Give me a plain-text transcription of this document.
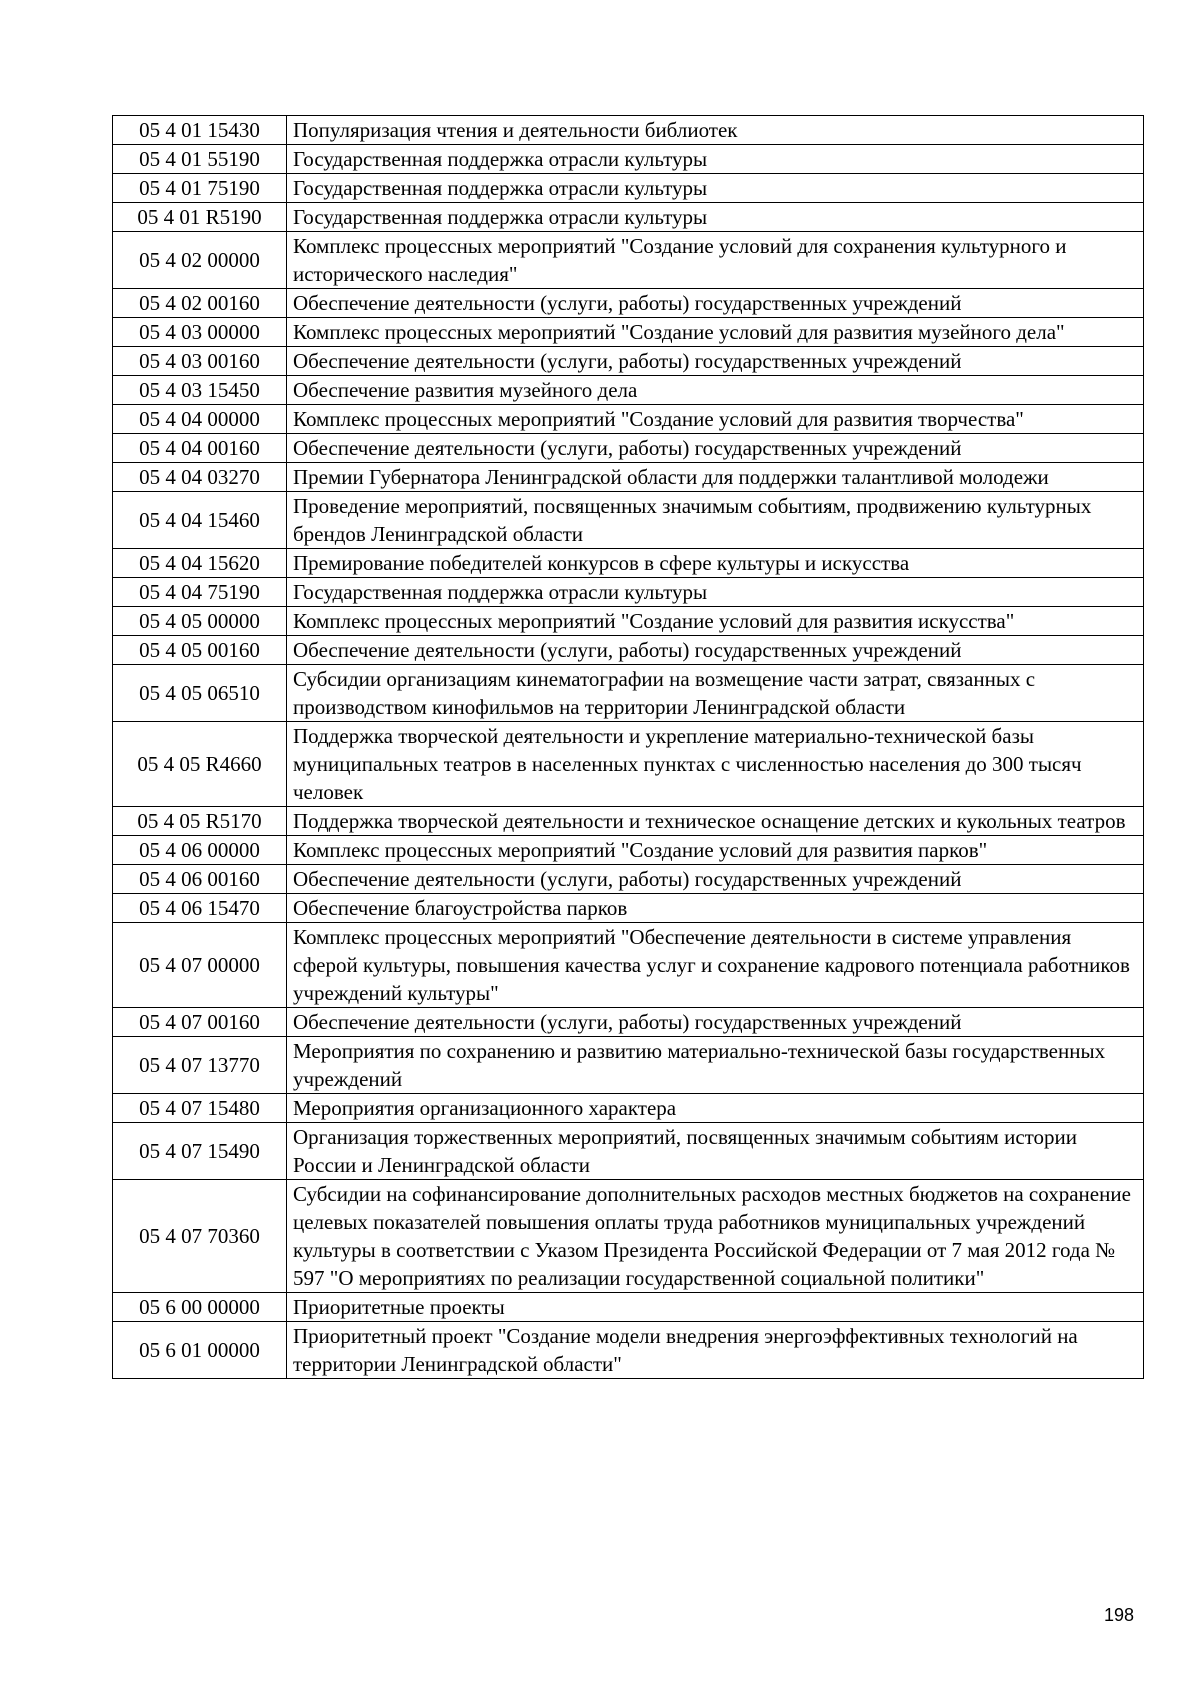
05 4 01 15430	Популяризация чтения и деятельности библиотек
05 4 01 55190	Государственная поддержка отрасли культуры
05 4 01 75190	Государственная поддержка отрасли культуры
05 4 01 R5190	Государственная поддержка отрасли культуры
05 4 02 00000	Комплекс процессных мероприятий "Создание условий для сохранения культурного и исторического наследия"
05 4 02 00160	Обеспечение деятельности (услуги, работы) государственных учреждений
05 4 03 00000	Комплекс процессных мероприятий "Создание условий для развития музейного дела"
05 4 03 00160	Обеспечение деятельности (услуги, работы) государственных учреждений
05 4 03 15450	Обеспечение развития музейного дела
05 4 04 00000	Комплекс процессных мероприятий "Создание условий для развития творчества"
05 4 04 00160	Обеспечение деятельности (услуги, работы) государственных учреждений
05 4 04 03270	Премии Губернатора Ленинградской области для поддержки талантливой молодежи
05 4 04 15460	Проведение мероприятий, посвященных значимым событиям, продвижению культурных брендов Ленинградской области
05 4 04 15620	Премирование победителей конкурсов в сфере культуры и искусства
05 4 04 75190	Государственная поддержка отрасли культуры
05 4 05 00000	Комплекс процессных мероприятий "Создание условий для развития искусства"
05 4 05 00160	Обеспечение деятельности (услуги, работы) государственных учреждений
05 4 05 06510	Субсидии организациям кинематографии на возмещение части затрат, связанных с производством кинофильмов на территории Ленинградской области
05 4 05 R4660	Поддержка творческой деятельности и укрепление материально-технической базы муниципальных театров в населенных пунктах с численностью населения до 300 тысяч человек
05 4 05 R5170	Поддержка творческой деятельности и техническое оснащение детских и кукольных театров
05 4 06 00000	Комплекс процессных мероприятий "Создание условий для развития парков"
05 4 06 00160	Обеспечение деятельности (услуги, работы) государственных учреждений
05 4 06 15470	Обеспечение благоустройства парков
05 4 07 00000	Комплекс процессных мероприятий "Обеспечение деятельности в системе управления сферой культуры, повышения качества услуг и сохранение кадрового потенциала работников учреждений культуры"
05 4 07 00160	Обеспечение деятельности (услуги, работы) государственных учреждений
05 4 07 13770	Мероприятия по сохранению и развитию материально-технической базы государственных учреждений
05 4 07 15480	Мероприятия организационного характера
05 4 07 15490	Организация торжественных мероприятий, посвященных значимым событиям истории России и Ленинградской области
05 4 07 70360	Субсидии на софинансирование дополнительных расходов местных бюджетов на сохранение целевых показателей повышения оплаты труда работников муниципальных учреждений культуры в соответствии с Указом Президента Российской Федерации от 7 мая 2012 года № 597 "О мероприятиях по реализации государственной социальной политики"
05 6 00 00000	Приоритетные проекты
05 6 01 00000	Приоритетный проект "Создание модели внедрения энергоэффективных технологий на территории Ленинградской области"
198
